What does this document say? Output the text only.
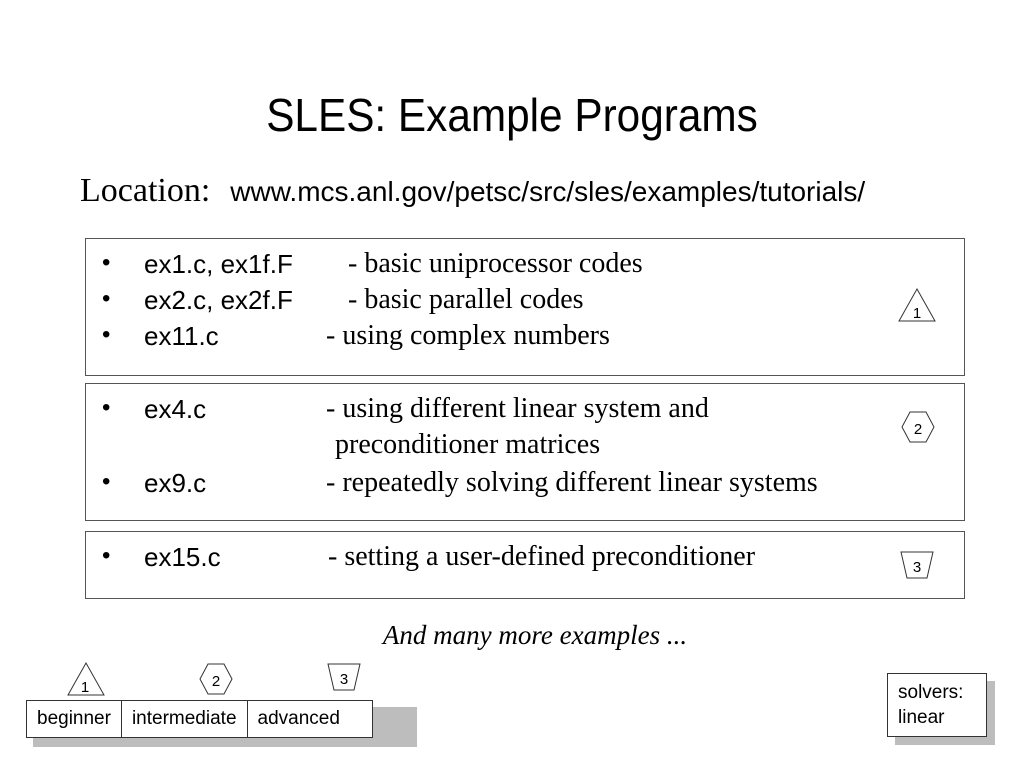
SLES: Example Programs
Location: www.mcs.anl.gov/petsc/src/sles/examples/tutorials/
• ex1.c, ex1f.F - basic uniprocessor codes
• ex2.c, ex2f.F - basic parallel codes
• ex11.c	- using complex numbers
1
• ex4.c	- using different linear system and
preconditioner matrices
• ex9.c	- repeatedly solving different linear systems
2
• ex15.c	- setting a user-defined preconditioner	3
And many more examples ...
1	2	3
beginner	intermediate	advanced
solvers:
linear
